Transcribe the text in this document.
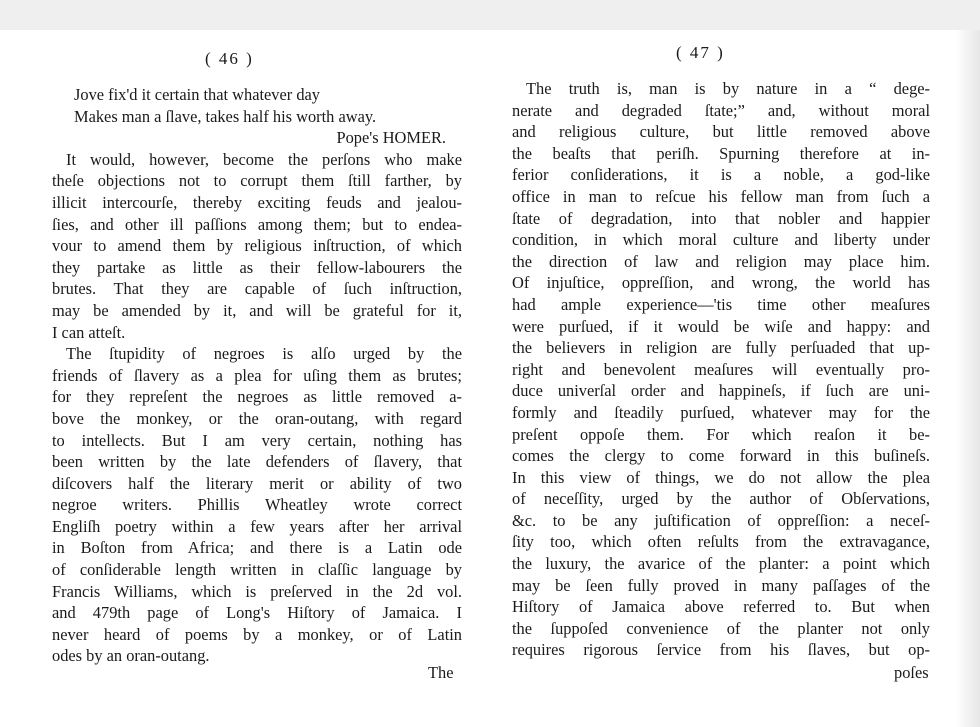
( 46 )	( 47 )
Jove fix'd it certain that whatever day
Makes man a ſlave, takes half his worth away.
Pope's HOMER.
It would, however, become the perſons who make
theſe objections not to corrupt them ſtill farther, by
illicit intercourſe, thereby exciting feuds and jealou-
ſies, and other ill paſſions among them; but to endea-
vour to amend them by religious inſtruction, of which
they partake as little as their fellow-labourers the
brutes. That they are capable of ſuch inſtruction,
may be amended by it, and will be grateful for it,
I can atteſt.
The ſtupidity of negroes is alſo urged by the
friends of ſlavery as a plea for uſing them as brutes;
for they repreſent the negroes as little removed a-
bove the monkey, or the oran-outang, with regard
to intellects. But I am very certain, nothing has
been written by the late defenders of ſlavery, that
diſcovers half the literary merit or ability of two
negroe writers. Phillis Wheatley wrote correct
Engliſh poetry within a few years after her arrival
in Boſton from Africa; and there is a Latin ode
of conſiderable length written in claſſic language by
Francis Williams, which is preſerved in the 2d vol.
and 479th page of Long's Hiſtory of Jamaica. I
never heard of poems by a monkey, or of Latin
odes by an oran-outang.
The
The truth is, man is by nature in a “ dege-
nerate and degraded ſtate;” and, without moral
and religious culture, but little removed above
the beaſts that periſh. Spurning therefore at in-
ferior conſiderations, it is a noble, a god-like
office in man to reſcue his fellow man from ſuch a
ſtate of degradation, into that nobler and happier
condition, in which moral culture and liberty under
the direction of law and religion may place him.
Of injuſtice, oppreſſion, and wrong, the world has
had ample experience—'tis time other meaſures
were purſued, if it would be wiſe and happy: and
the believers in religion are fully perſuaded that up-
right and benevolent meaſures will eventually pro-
duce univerſal order and happineſs, if ſuch are uni-
formly and ſteadily purſued, whatever may for the
preſent oppoſe them. For which reaſon it be-
comes the clergy to come forward in this buſineſs.
In this view of things, we do not allow the plea
of neceſſity, urged by the author of Obſervations,
&c. to be any juſtification of oppreſſion: a neceſ-
ſity too, which often reſults from the extravagance,
the luxury, the avarice of the planter: a point which
may be ſeen fully proved in many paſſages of the
Hiſtory of Jamaica above referred to. But when
the ſuppoſed convenience of the planter not only
requires rigorous ſervice from his ſlaves, but op-
poſes
